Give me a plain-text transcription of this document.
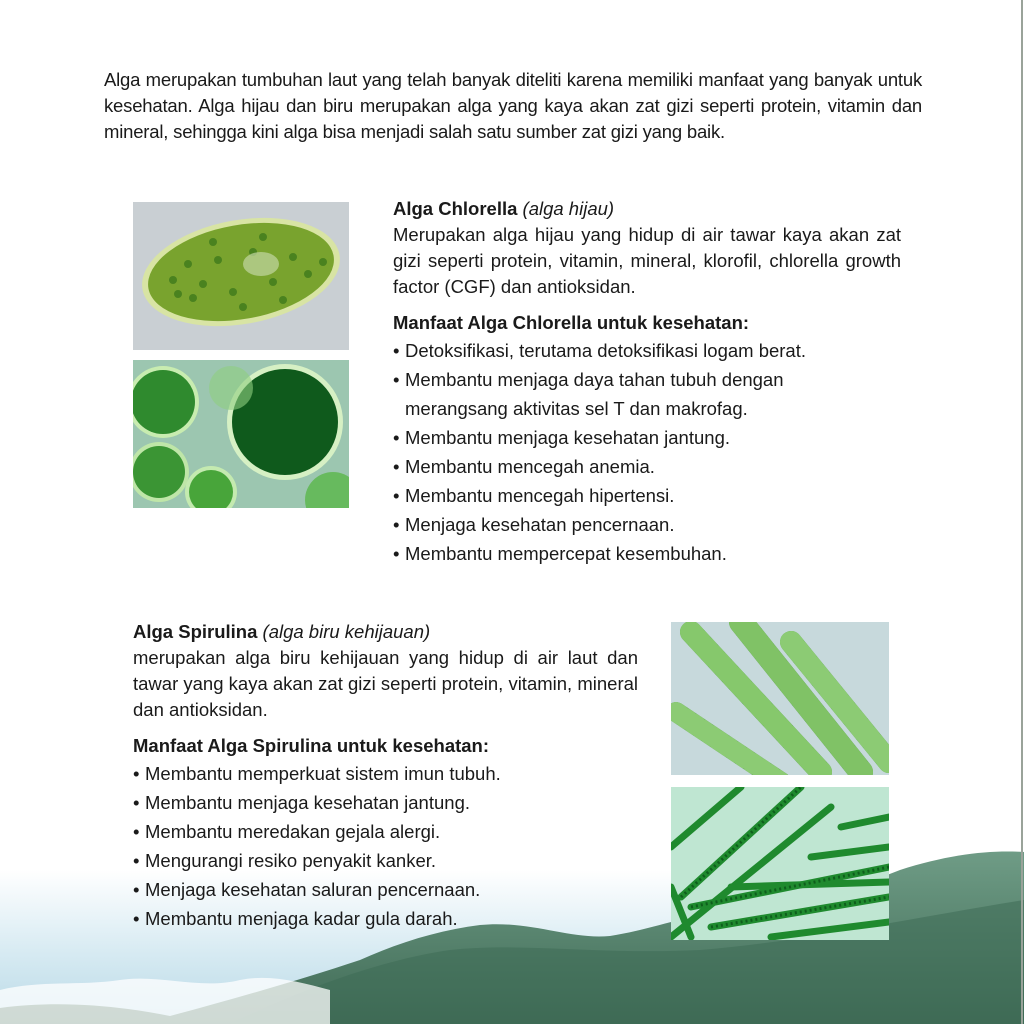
Alga merupakan tumbuhan laut yang telah banyak diteliti karena memiliki manfaat yang banyak untuk kesehatan. Alga hijau dan biru merupakan alga yang kaya akan zat gizi seperti protein, vitamin dan mineral, sehingga kini alga bisa menjadi salah satu sumber zat gizi yang baik.

Alga Chlorella (alga hijau)
Merupakan alga hijau yang hidup di air tawar kaya akan zat gizi seperti protein, vitamin, mineral, klorofil, chlorella growth factor (CGF) dan antioksidan.
Manfaat Alga Chlorella untuk kesehatan:
• Detoksifikasi, terutama detoksifikasi logam berat.
• Membantu menjaga daya tahan tubuh dengan merangsang aktivitas sel T dan makrofag.
• Membantu menjaga kesehatan jantung.
• Membantu mencegah anemia.
• Membantu mencegah hipertensi.
• Menjaga kesehatan pencernaan.
• Membantu mempercepat kesembuhan.
Alga Spirulina (alga biru kehijauan)
merupakan alga biru kehijauan yang hidup di air laut dan tawar yang kaya akan zat gizi seperti protein, vitamin, mineral dan antioksidan.
Manfaat Alga Spirulina untuk kesehatan:
• Membantu memperkuat sistem imun tubuh.
• Membantu menjaga kesehatan jantung.
• Membantu meredakan gejala alergi.
• Mengurangi resiko penyakit kanker.
• Menjaga kesehatan saluran pencernaan.
• Membantu menjaga kadar gula darah.
